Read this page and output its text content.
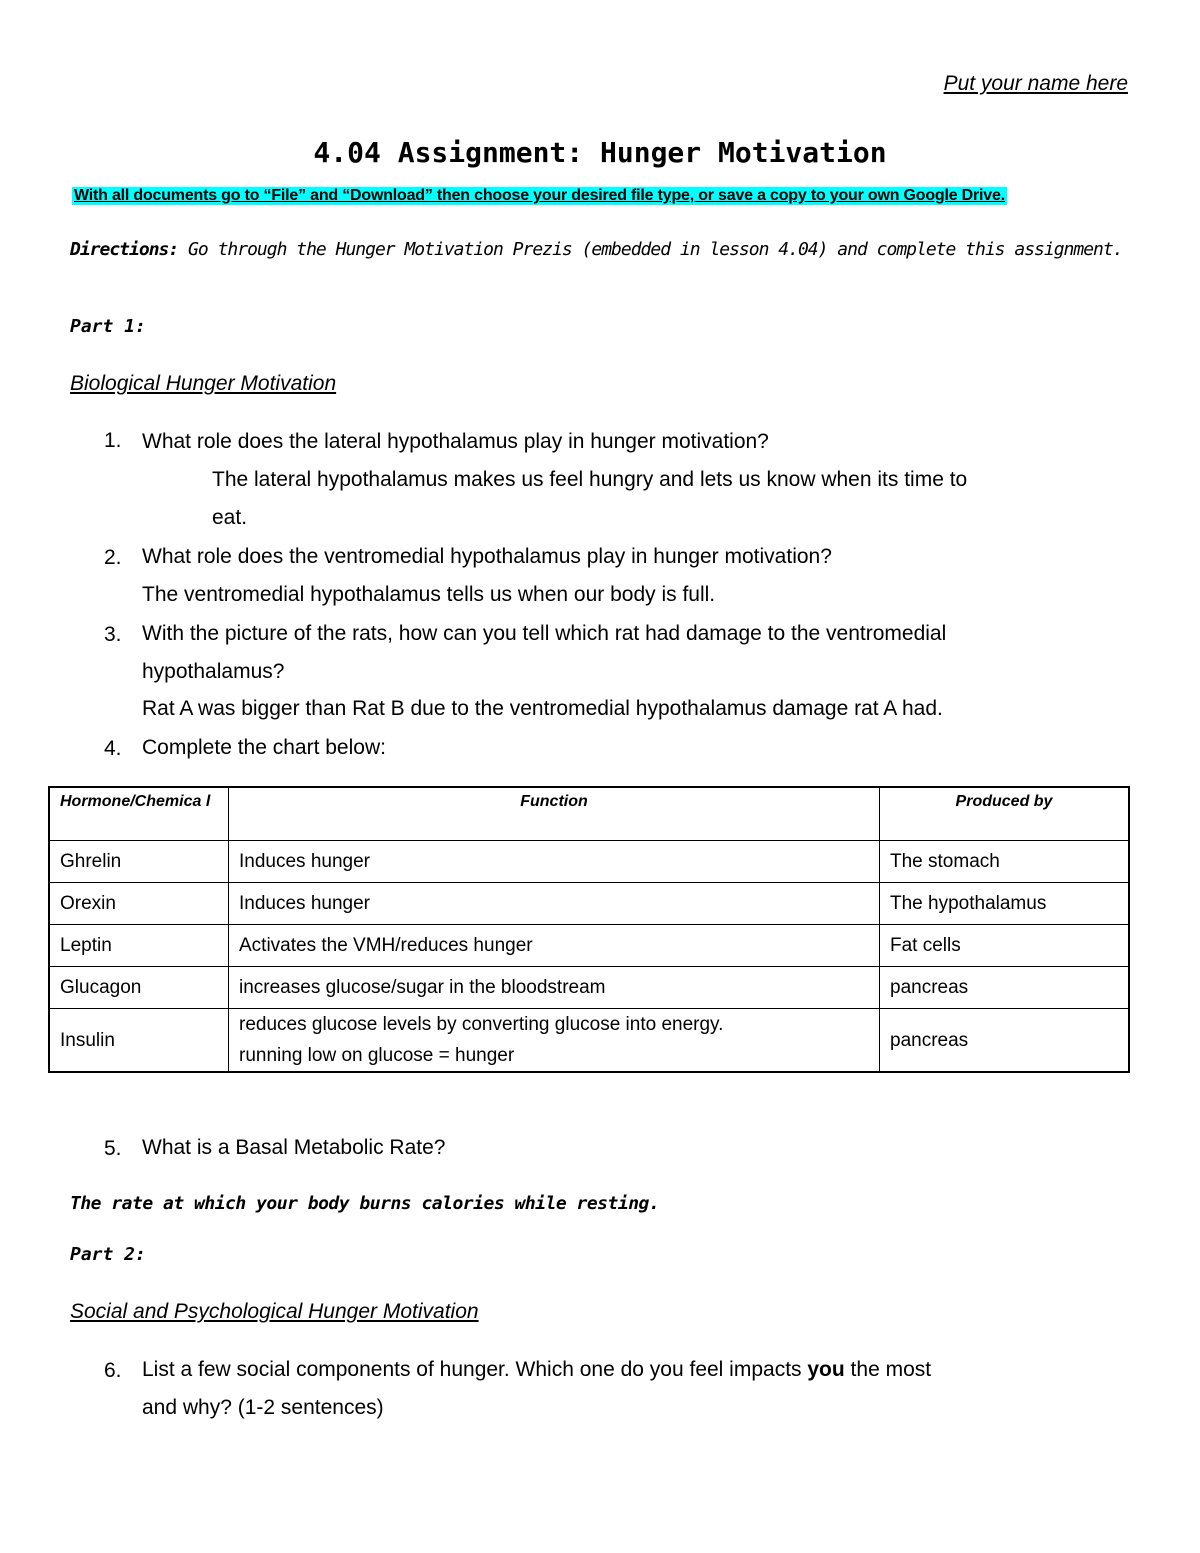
Put your name here
4.04 Assignment: Hunger Motivation
With all documents go to “File” and “Download” then choose your desired file type, or save a copy to your own Google Drive.
Directions: Go through the Hunger Motivation Prezis (embedded in lesson 4.04) and complete this assignment.
Part 1:
Biological Hunger Motivation
1. What role does the lateral hypothalamus play in hunger motivation?
The lateral hypothalamus makes us feel hungry and lets us know when its time to
eat.
2. What role does the ventromedial hypothalamus play in hunger motivation?
The ventromedial hypothalamus tells us when our body is full.
3. With the picture of the rats, how can you tell which rat had damage to the ventromedial
hypothalamus?
Rat A was bigger than Rat B due to the ventromedial hypothalamus damage rat A had.
4. Complete the chart below:
Hormone/Chemica l	Function	Produced by
Ghrelin	Induces hunger	The stomach
Orexin	Induces hunger	The hypothalamus
Leptin	Activates the VMH/reduces hunger	Fat cells
Glucagon	increases glucose/sugar in the bloodstream	pancreas
Insulin	reduces glucose levels by converting glucose into energy.
running low on glucose = hunger	pancreas
5. What is a Basal Metabolic Rate?
The rate at which your body burns calories while resting.
Part 2:
Social and Psychological Hunger Motivation
6. List a few social components of hunger. Which one do you feel impacts you the most
and why? (1-2 sentences)
